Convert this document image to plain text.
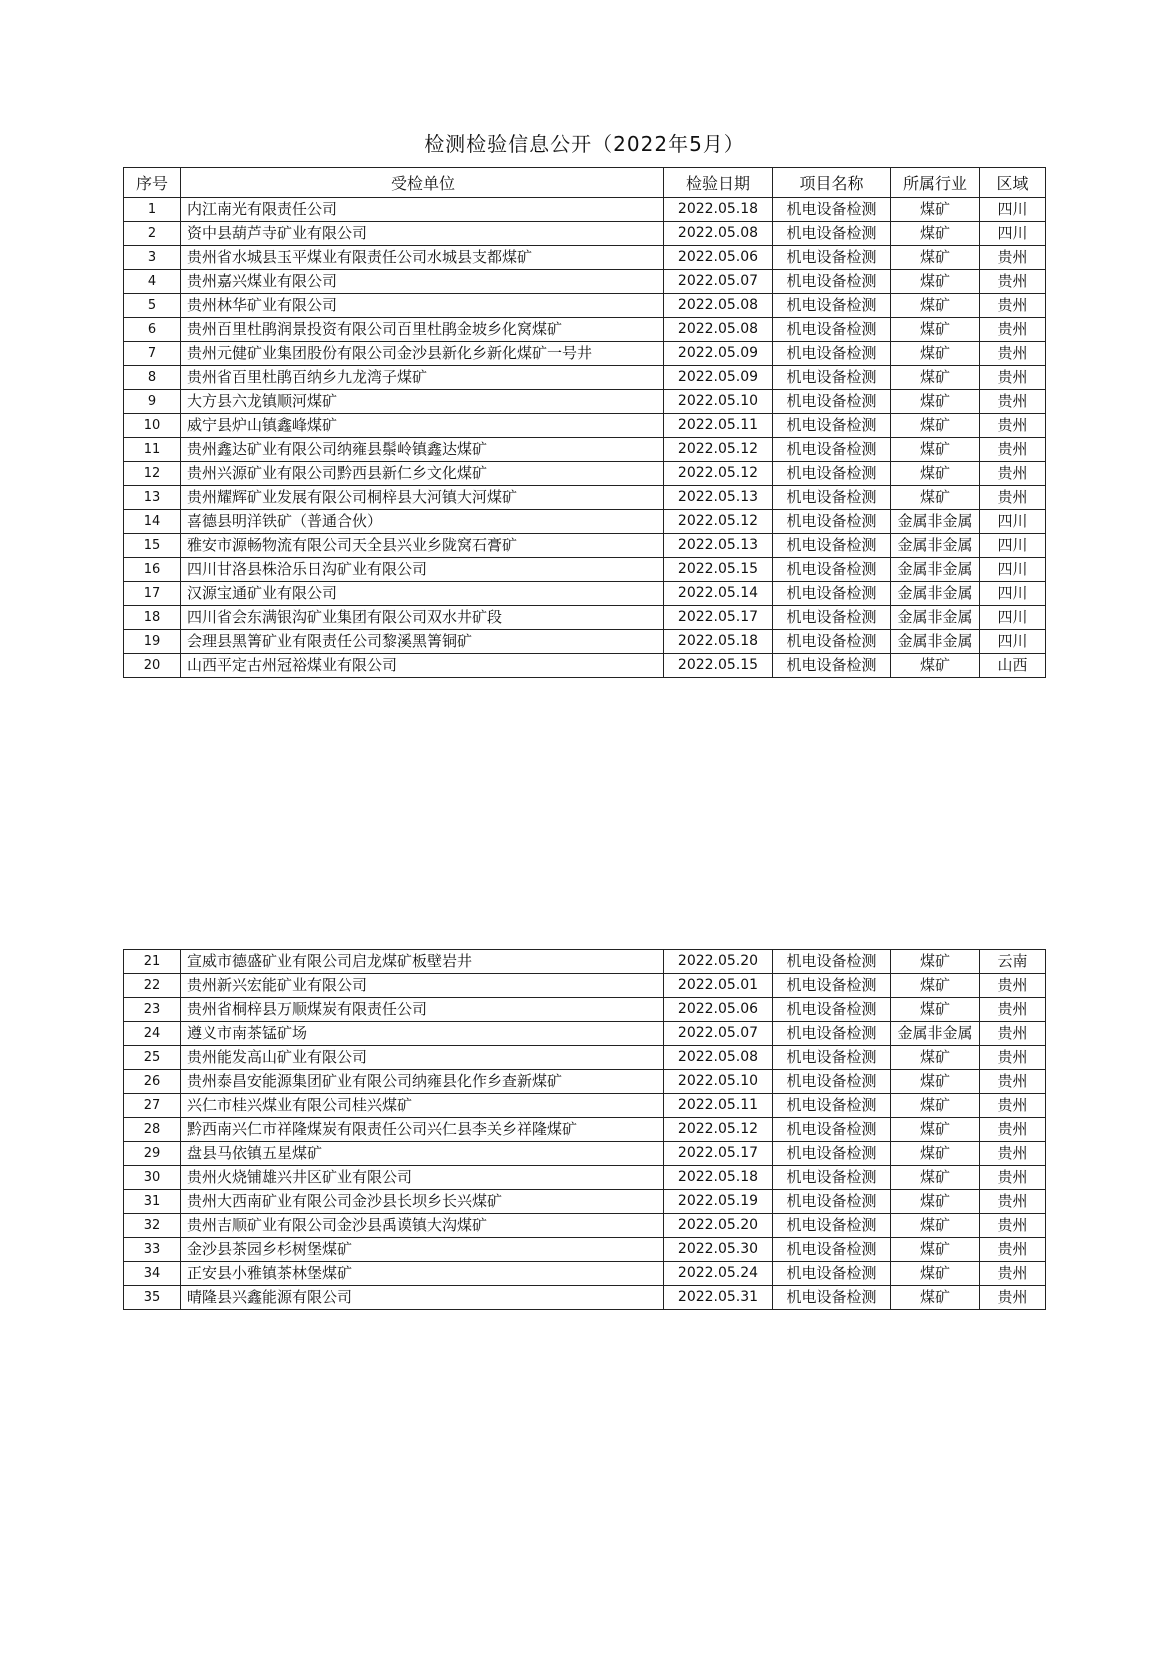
检测检验信息公开（2022年5月）
序号	受检单位	检验日期	项目名称	所属行业	区域
1	内江南光有限责任公司	2022.05.18	机电设备检测	煤矿	四川
2	资中县葫芦寺矿业有限公司	2022.05.08	机电设备检测	煤矿	四川
3	贵州省水城县玉平煤业有限责任公司水城县支都煤矿	2022.05.06	机电设备检测	煤矿	贵州
4	贵州嘉兴煤业有限公司	2022.05.07	机电设备检测	煤矿	贵州
5	贵州林华矿业有限公司	2022.05.08	机电设备检测	煤矿	贵州
6	贵州百里杜鹃润景投资有限公司百里杜鹃金坡乡化窝煤矿	2022.05.08	机电设备检测	煤矿	贵州
7	贵州元健矿业集团股份有限公司金沙县新化乡新化煤矿一号井	2022.05.09	机电设备检测	煤矿	贵州
8	贵州省百里杜鹃百纳乡九龙湾子煤矿	2022.05.09	机电设备检测	煤矿	贵州
9	大方县六龙镇顺河煤矿	2022.05.10	机电设备检测	煤矿	贵州
10	威宁县炉山镇鑫峰煤矿	2022.05.11	机电设备检测	煤矿	贵州
11	贵州鑫达矿业有限公司纳雍县鬃岭镇鑫达煤矿	2022.05.12	机电设备检测	煤矿	贵州
12	贵州兴源矿业有限公司黔西县新仁乡文化煤矿	2022.05.12	机电设备检测	煤矿	贵州
13	贵州耀辉矿业发展有限公司桐梓县大河镇大河煤矿	2022.05.13	机电设备检测	煤矿	贵州
14	喜德县明洋铁矿（普通合伙）	2022.05.12	机电设备检测	金属非金属	四川
15	雅安市源畅物流有限公司天全县兴业乡陇窝石膏矿	2022.05.13	机电设备检测	金属非金属	四川
16	四川甘洛县株洽乐日沟矿业有限公司	2022.05.15	机电设备检测	金属非金属	四川
17	汉源宝通矿业有限公司	2022.05.14	机电设备检测	金属非金属	四川
18	四川省会东满银沟矿业集团有限公司双水井矿段	2022.05.17	机电设备检测	金属非金属	四川
19	会理县黑箐矿业有限责任公司黎溪黑箐铜矿	2022.05.18	机电设备检测	金属非金属	四川
20	山西平定古州冠裕煤业有限公司	2022.05.15	机电设备检测	煤矿	山西
21	宣威市德盛矿业有限公司启龙煤矿板壁岩井	2022.05.20	机电设备检测	煤矿	云南
22	贵州新兴宏能矿业有限公司	2022.05.01	机电设备检测	煤矿	贵州
23	贵州省桐梓县万顺煤炭有限责任公司	2022.05.06	机电设备检测	煤矿	贵州
24	遵义市南茶锰矿场	2022.05.07	机电设备检测	金属非金属	贵州
25	贵州能发高山矿业有限公司	2022.05.08	机电设备检测	煤矿	贵州
26	贵州泰昌安能源集团矿业有限公司纳雍县化作乡查新煤矿	2022.05.10	机电设备检测	煤矿	贵州
27	兴仁市桂兴煤业有限公司桂兴煤矿	2022.05.11	机电设备检测	煤矿	贵州
28	黔西南兴仁市祥隆煤炭有限责任公司兴仁县李关乡祥隆煤矿	2022.05.12	机电设备检测	煤矿	贵州
29	盘县马依镇五星煤矿	2022.05.17	机电设备检测	煤矿	贵州
30	贵州火烧铺雄兴井区矿业有限公司	2022.05.18	机电设备检测	煤矿	贵州
31	贵州大西南矿业有限公司金沙县长坝乡长兴煤矿	2022.05.19	机电设备检测	煤矿	贵州
32	贵州吉顺矿业有限公司金沙县禹谟镇大沟煤矿	2022.05.20	机电设备检测	煤矿	贵州
33	金沙县茶园乡杉树堡煤矿	2022.05.30	机电设备检测	煤矿	贵州
34	正安县小雅镇茶林堡煤矿	2022.05.24	机电设备检测	煤矿	贵州
35	晴隆县兴鑫能源有限公司	2022.05.31	机电设备检测	煤矿	贵州
